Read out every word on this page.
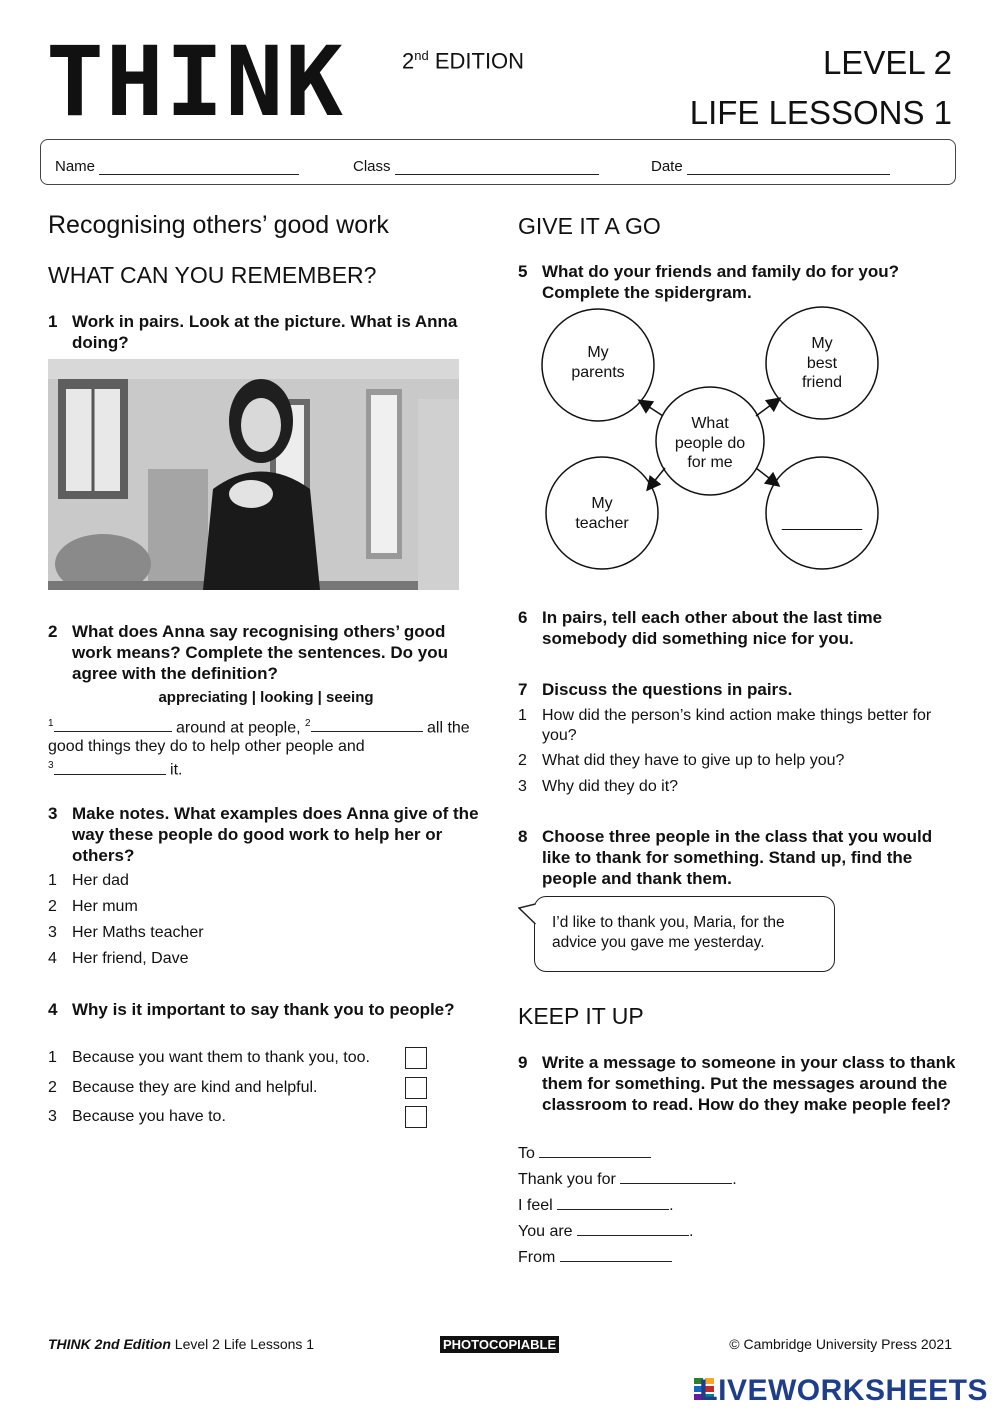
THINK	2nd EDITION	LEVEL 2
LIFE LESSONS 1
Name	Class	Date
Recognising others’ good work
WHAT CAN YOU REMEMBER?
1 Work in pairs. Look at the picture. What is Anna doing?
2 What does Anna say recognising others’ good work means? Complete the sentences. Do you agree with the definition?
appreciating | looking | seeing
$^1$	around at people, $^2$	all the
good things they do to help other people and
$^3$	it.
3 Make notes. What examples does Anna give of the way these people do good work to help her or others?
1 Her dad
2 Her mum
3 Her Maths teacher
4 Her friend, Dave
4 Why is it important to say thank you to people?
1 Because you want them to thank you, too.
2 Because they are kind and helpful.
3 Because you have to.
GIVE IT A GO
5 What do your friends and family do for you? Complete the spidergram.
My
parents
My
best
friend
What
people do
for me
My
teacher	_________
6 In pairs, tell each other about the last time somebody did something nice for you.
7 Discuss the questions in pairs.
1 How did the person’s kind action make things better for you?
2 What did they have to give up to help you?
3 Why did they do it?
8 Choose three people in the class that you would like to thank for something. Stand up, find the people and thank them.
I’d like to thank you, Maria, for the advice you gave me yesterday.
KEEP IT UP
9 Write a message to someone in your class to thank them for something. Put the messages around the classroom to read. How do they make people feel?
To
Thank you for	.
I feel	.
You are	.
From
THINK 2nd Edition Level 2 Life Lessons 1	PHOTOCOPIABLE	© Cambridge University Press 2021
LIVEWORKSHEETS
